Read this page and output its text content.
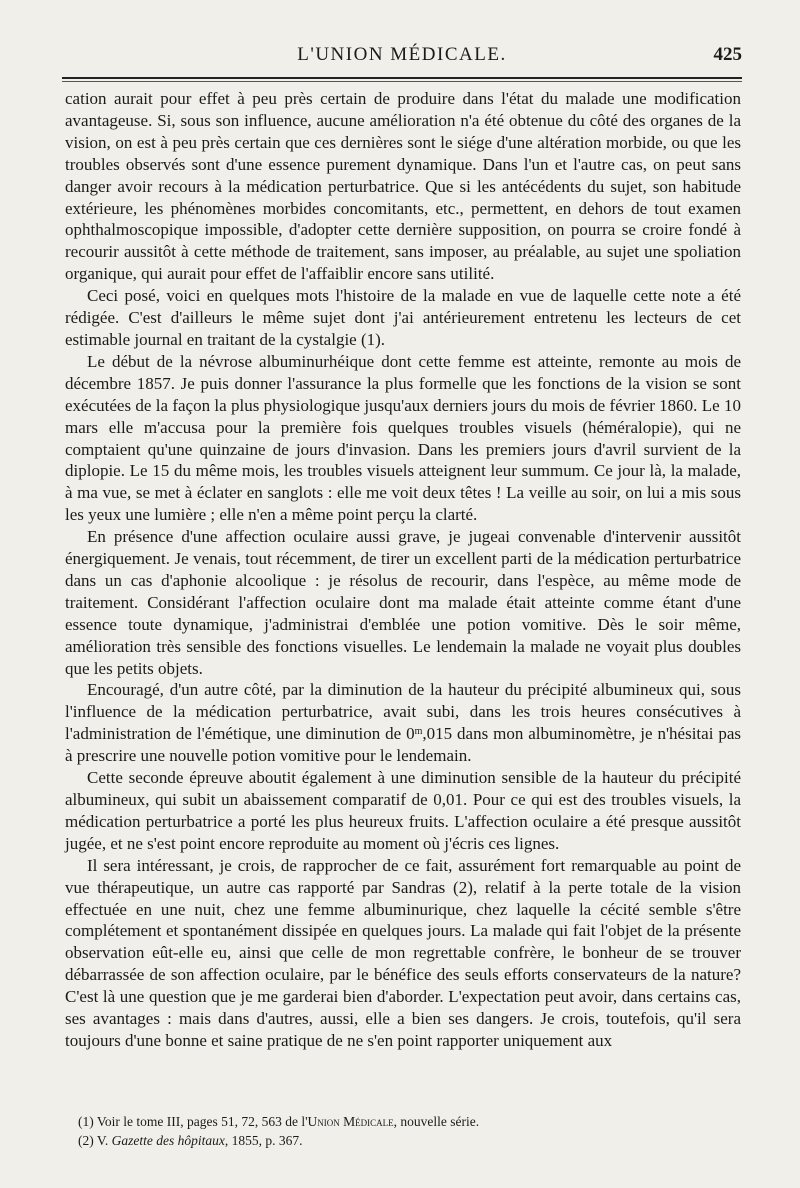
L'UNION MÉDICALE.	425

cation aurait pour effet à peu près certain de produire dans l'état du malade une modification avantageuse. Si, sous son influence, aucune amélioration n'a été obtenue du côté des organes de la vision, on est à peu près certain que ces dernières sont le siége d'une altération morbide, ou que les troubles observés sont d'une essence purement dynamique. Dans l'un et l'autre cas, on peut sans danger avoir recours à la médication perturbatrice. Que si les antécédents du sujet, son habitude extérieure, les phénomènes morbides concomitants, etc., permettent, en dehors de tout examen ophthalmoscopique impossible, d'adopter cette dernière supposition, on pourra se croire fondé à recourir aussitôt à cette méthode de traitement, sans imposer, au préalable, au sujet une spoliation organique, qui aurait pour effet de l'affaiblir encore sans utilité.

Ceci posé, voici en quelques mots l'histoire de la malade en vue de laquelle cette note a été rédigée. C'est d'ailleurs le même sujet dont j'ai antérieurement entretenu les lecteurs de cet estimable journal en traitant de la cystalgie (1).

Le début de la névrose albuminurhéique dont cette femme est atteinte, remonte au mois de décembre 1857. Je puis donner l'assurance la plus formelle que les fonctions de la vision se sont exécutées de la façon la plus physiologique jusqu'aux derniers jours du mois de février 1860. Le 10 mars elle m'accusa pour la première fois quelques troubles visuels (héméralopie), qui ne comptaient qu'une quinzaine de jours d'invasion. Dans les premiers jours d'avril survient de la diplopie. Le 15 du même mois, les troubles visuels atteignent leur summum. Ce jour là, la malade, à ma vue, se met à éclater en sanglots : elle me voit deux têtes ! La veille au soir, on lui a mis sous les yeux une lumière ; elle n'en a même point perçu la clarté.

En présence d'une affection oculaire aussi grave, je jugeai convenable d'intervenir aussitôt énergiquement. Je venais, tout récemment, de tirer un excellent parti de la médication perturbatrice dans un cas d'aphonie alcoolique : je résolus de recourir, dans l'espèce, au même mode de traitement. Considérant l'affection oculaire dont ma malade était atteinte comme étant d'une essence toute dynamique, j'administrai d'emblée une potion vomitive. Dès le soir même, amélioration très sensible des fonctions visuelles. Le lendemain la malade ne voyait plus doubles que les petits objets.

Encouragé, d'un autre côté, par la diminution de la hauteur du précipité albumineux qui, sous l'influence de la médication perturbatrice, avait subi, dans les trois heures consécutives à l'administration de l'émétique, une diminution de 0$^m$,015 dans mon albuminomètre, je n'hésitai pas à prescrire une nouvelle potion vomitive pour le lendemain.

Cette seconde épreuve aboutit également à une diminution sensible de la hauteur du précipité albumineux, qui subit un abaissement comparatif de 0,01. Pour ce qui est des troubles visuels, la médication perturbatrice a porté les plus heureux fruits. L'affection oculaire a été presque aussitôt jugée, et ne s'est point encore reproduite au moment où j'écris ces lignes.

Il sera intéressant, je crois, de rapprocher de ce fait, assurément fort remarquable au point de vue thérapeutique, un autre cas rapporté par Sandras (2), relatif à la perte totale de la vision effectuée en une nuit, chez une femme albuminurique, chez laquelle la cécité semble s'être complétement et spontanément dissipée en quelques jours. La malade qui fait l'objet de la présente observation eût-elle eu, ainsi que celle de mon regrettable confrère, le bonheur de se trouver débarrassée de son affection oculaire, par le bénéfice des seuls efforts conservateurs de la nature? C'est là une question que je me garderai bien d'aborder. L'expectation peut avoir, dans certains cas, ses avantages : mais dans d'autres, aussi, elle a bien ses dangers. Je crois, toutefois, qu'il sera toujours d'une bonne et saine pratique de ne s'en point rapporter uniquement aux

(1) Voir le tome III, pages 51, 72, 563 de l'Union Médicale, nouvelle série.
(2) V. Gazette des hôpitaux, 1855, p. 367.
